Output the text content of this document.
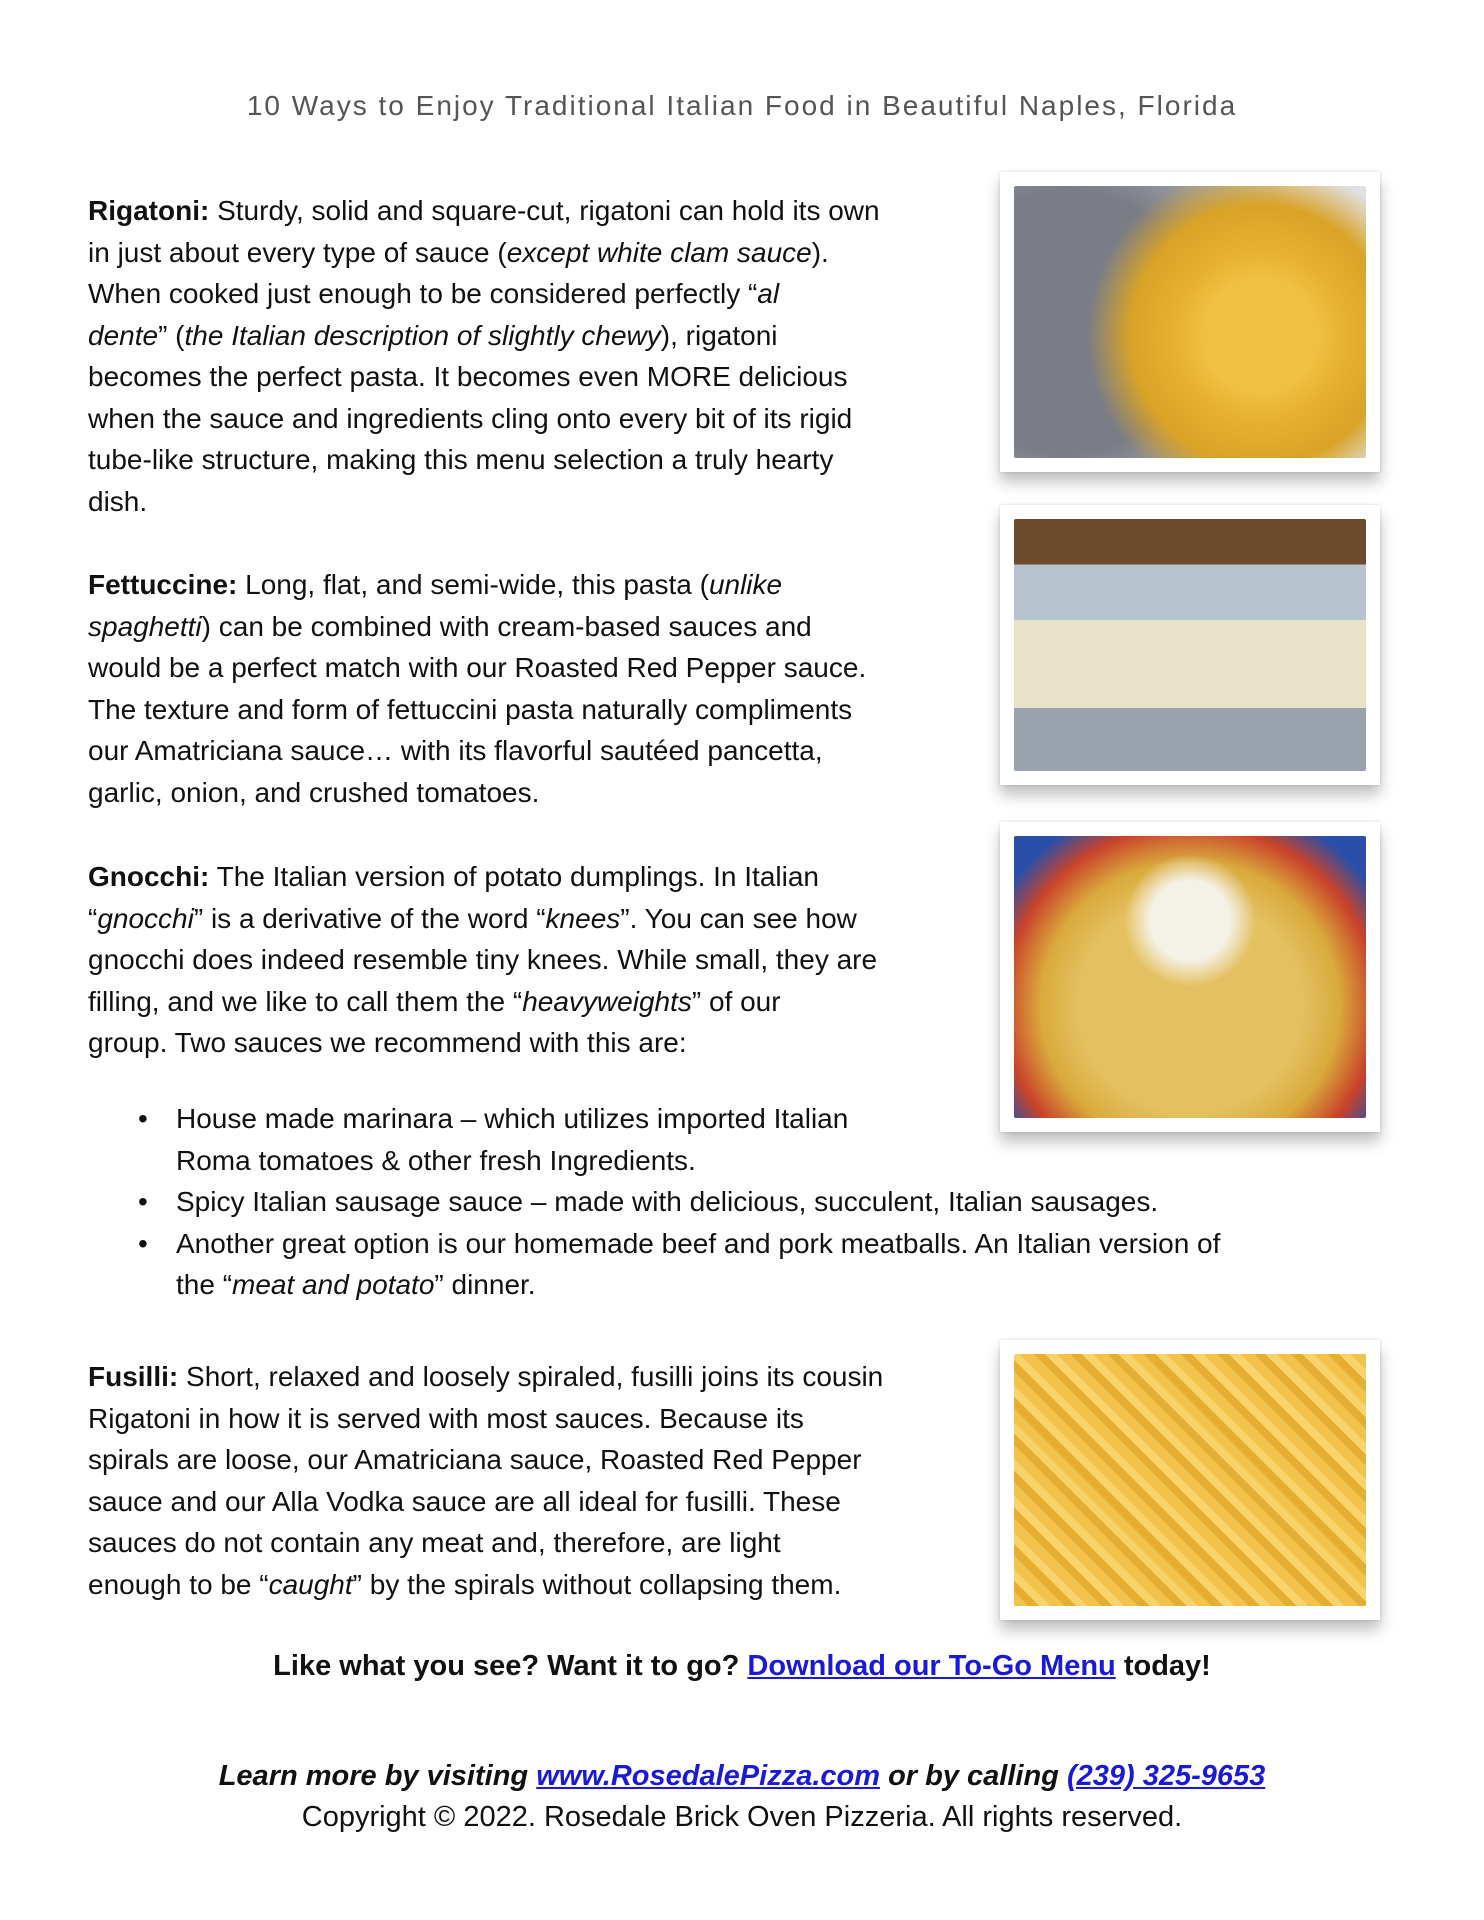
10 Ways to Enjoy Traditional Italian Food in Beautiful Naples, Florida
Rigatoni: Sturdy, solid and square-cut, rigatoni can hold its own
in just about every type of sauce (except white clam sauce).
When cooked just enough to be considered perfectly “al
dente” (the Italian description of slightly chewy), rigatoni
becomes the perfect pasta. It becomes even MORE delicious
when the sauce and ingredients cling onto every bit of its rigid
tube-like structure, making this menu selection a truly hearty
dish.
Fettuccine: Long, flat, and semi-wide, this pasta (unlike
spaghetti) can be combined with cream-based sauces and
would be a perfect match with our Roasted Red Pepper sauce.
The texture and form of fettuccini pasta naturally compliments
our Amatriciana sauce… with its flavorful sautéed pancetta,
garlic, onion, and crushed tomatoes.
Gnocchi: The Italian version of potato dumplings. In Italian
“gnocchi” is a derivative of the word “knees”. You can see how
gnocchi does indeed resemble tiny knees. While small, they are
filling, and we like to call them the “heavyweights” of our
group. Two sauces we recommend with this are:
• House made marinara – which utilizes imported Italian
Roma tomatoes & other fresh Ingredients.
• Spicy Italian sausage sauce – made with delicious, succulent, Italian sausages.
• Another great option is our homemade beef and pork meatballs. An Italian version of
the “meat and potato” dinner.
Fusilli: Short, relaxed and loosely spiraled, fusilli joins its cousin
Rigatoni in how it is served with most sauces. Because its
spirals are loose, our Amatriciana sauce, Roasted Red Pepper
sauce and our Alla Vodka sauce are all ideal for fusilli. These
sauces do not contain any meat and, therefore, are light
enough to be “caught” by the spirals without collapsing them.
Like what you see? Want it to go? Download our To-Go Menu today!
Learn more by visiting www.RosedalePizza.com or by calling (239) 325-9653
Copyright © 2022. Rosedale Brick Oven Pizzeria. All rights reserved.
